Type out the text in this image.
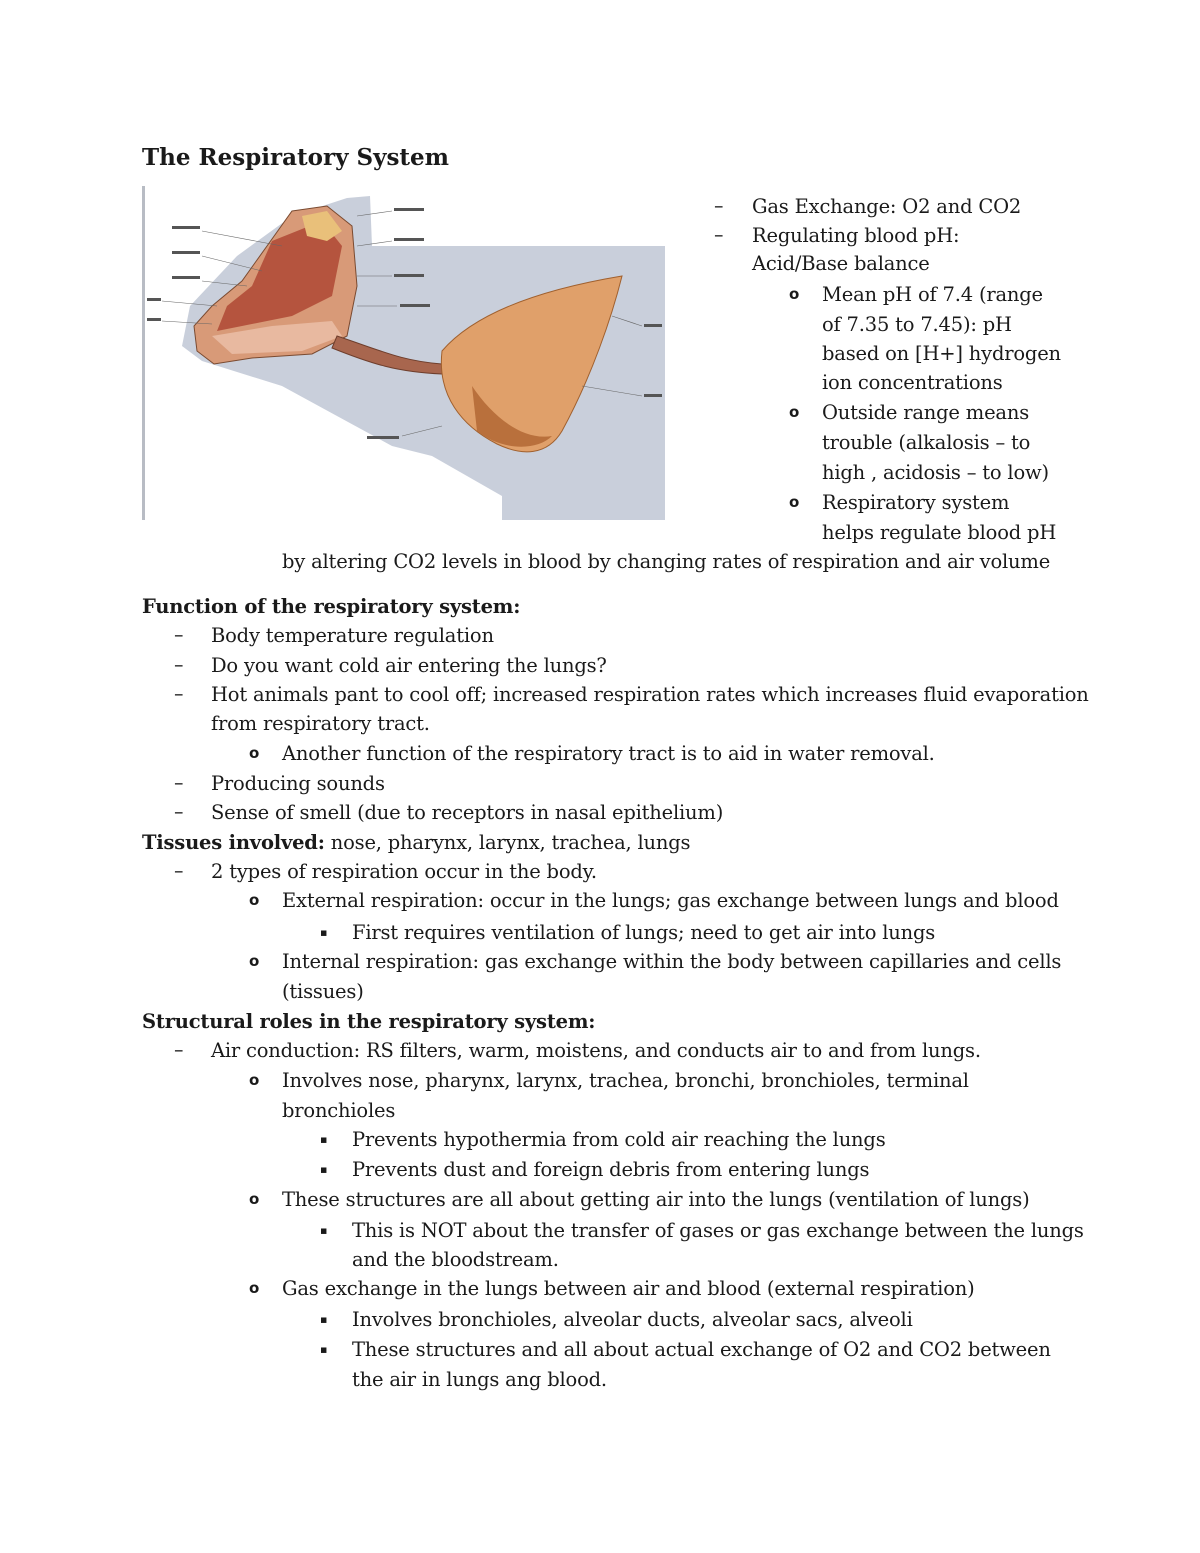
The Respiratory System
– Gas Exchange: O2 and CO2
– Regulating blood pH:
Acid/Base balance
o Mean pH of 7.4 (range
of 7.35 to 7.45): pH
based on [H+] hydrogen
ion concentrations
o Outside range means
trouble (alkalosis – to
high , acidosis – to low)
o Respiratory system
helps regulate blood pH
by altering CO2 levels in blood by changing rates of respiration and air volume
Function of the respiratory system:
– Body temperature regulation
– Do you want cold air entering the lungs?
– Hot animals pant to cool off; increased respiration rates which increases fluid evaporation
from respiratory tract.
o Another function of the respiratory tract is to aid in water removal.
– Producing sounds
– Sense of smell (due to receptors in nasal epithelium)
Tissues involved: nose, pharynx, larynx, trachea, lungs
– 2 types of respiration occur in the body.
o External respiration: occur in the lungs; gas exchange between lungs and blood
▪ First requires ventilation of lungs; need to get air into lungs
o Internal respiration: gas exchange within the body between capillaries and cells
(tissues)
Structural roles in the respiratory system:
– Air conduction: RS filters, warm, moistens, and conducts air to and from lungs.
o Involves nose, pharynx, larynx, trachea, bronchi, bronchioles, terminal
bronchioles
▪ Prevents hypothermia from cold air reaching the lungs
▪ Prevents dust and foreign debris from entering lungs
o These structures are all about getting air into the lungs (ventilation of lungs)
▪ This is NOT about the transfer of gases or gas exchange between the lungs
and the bloodstream.
o Gas exchange in the lungs between air and blood (external respiration)
▪ Involves bronchioles, alveolar ducts, alveolar sacs, alveoli
▪ These structures and all about actual exchange of O2 and CO2 between
the air in lungs ang blood.
